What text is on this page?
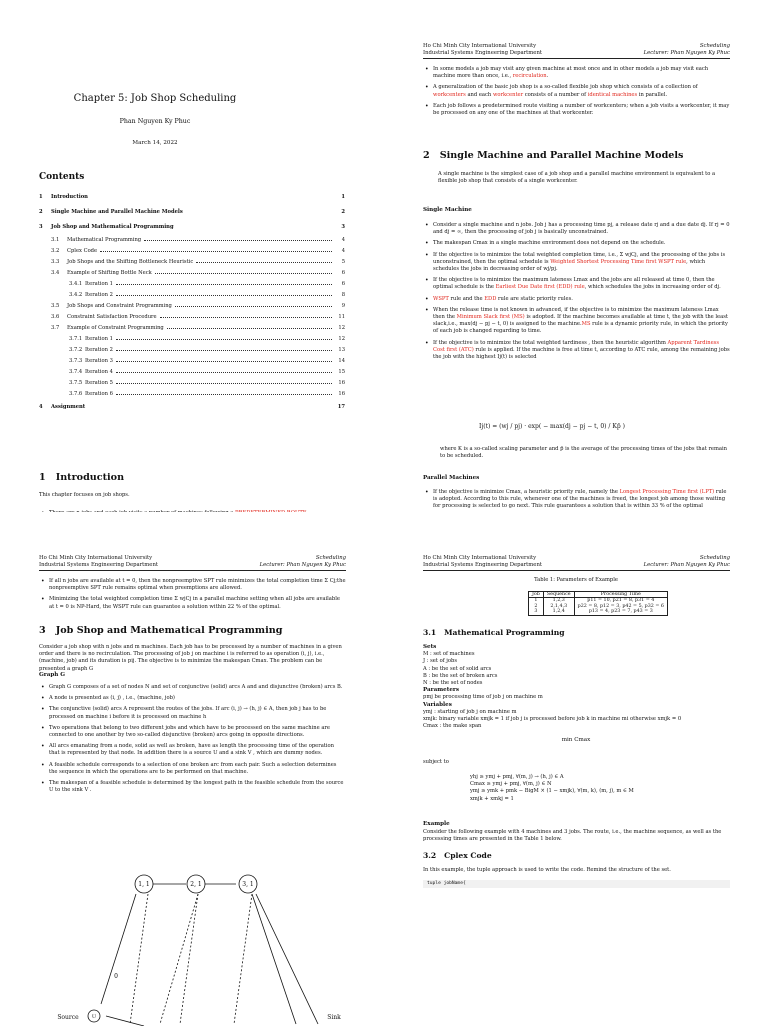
Chapter 5: Job Shop Scheduling
Phan Nguyen Ky Phuc
March 14, 2022
Contents
1	Introduction	1
2	Single Machine and Parallel Machine Models	2
3	Job Shop and Mathematical Programming	3
3.1	Mathematical Programming	4
3.2	Cplex Code	4
3.3	Job Shops and the Shifting Bottleneck Heuristic	5
3.4	Example of Shifting Bottle Neck	6
3.4.1 Iteration 1	6
3.4.2 Iteration 2	8
3.5	Job Shops and Constraint Programming	9
3.6	Constraint Satisfaction Procedure	11
3.7	Example of Constraint Programming	12
3.7.1 Iteration 1	12
3.7.2 Iteration 2	13
3.7.3 Iteration 3	14
3.7.4 Iteration 4	15
3.7.5 Iteration 5	16
3.7.6 Iteration 6	16
4	Assignment	17
1 Introduction
This chapter focuses on job shops.
•
Ho Chi Minh City International University	Scheduling
Industrial Systems Engineering Department	Lecturer: Phan Nguyen Ky Phuc
• In some models a job may visit any given machine at most once and in other models a job may visit each machine more than once, i.e., recirculation.
• A generalization of the basic job shop is a so-called flexible job shop which consists of a collection of workcenters and each workcenter consists of a number of identical machines in parallel.
• Each job follows a predetermined route visiting a number of workcenters; when a job visits a workcenter, it may be processed on any one of the machines at that workcenter.
2 Single Machine and Parallel Machine Models
A single machine is the simplest case of a job shop and a parallel machine environment is equivalent to a flexible job shop that consists of a single workcenter.
Single Machine
• Consider a single machine and n jobs. Job j has a processing time pj, a release date rj and a due date dj. If rj = 0 and dj = ∞, then the processing of job j is basically unconstrained.
• The makespan Cmax in a single machine environment does not depend on the schedule.
• If the objective is to minimize the total weighted completion time, i.e., Σ wjCj, and the processing of the jobs is unconstrained, then the optimal schedule is Weighted Shortest Processing Time first WSPT rule, which schedules the jobs in decreasing order of wj/pj.
• If the objective is to minimize the maximum lateness Lmax and the jobs are all released at time 0, then the optimal schedule is the Earliest Due Date first (EDD) rule, which schedules the jobs in increasing order of dj.
• WSPT rule and the EDD rule are static priority rules.
• When the release time is not known in advanced, if the objective is to minimize the maximum lateness Lmax then the Minimum Slack first (MS) is adopted. If the machine becomes available at time t, the job with the least slack,i.e., max(dj − pj − t, 0) is assigned to the machine.MS rule is a dynamic priority rule, in which the priority of each job is changed regarding to time.
• If the objective is to minimize the total weighted tardiness , then the heuristic algorithm Apparent Tardiness Cost first (ATC) rule is applied. If the machine is free at time t, according to ATC rule, among the remaining jobs the job with the highest Ij(t) is selected
Ij(t) = (wj / pj) · exp( − max(dj − pj − t, 0) / Kp̄ )
where K is a so-called scaling parameter and p̄ is the average of the processing times of the jobs that remain to be scheduled.
Parallel Machines
• If the objective is minimize Cmax, a heuristic priority rule, namely the Longest Processing Time first (LPT) rule is adopted. According to this rule, whenever one of the machines is freed, the longest job among those waiting for processing is selected to go next. This rule guarantees a solution that is within 33 % of the optimal
Ho Chi Minh City International University	Scheduling
Industrial Systems Engineering Department	Lecturer: Phan Nguyen Ky Phuc
• If all n jobs are available at t = 0, then the nonpreemptive SPT rule minimizes the total completion time Σ Cj;the nonpreemptive SPT rule remains optimal when preemptions are allowed.
• Minimizing the total weighted completion time Σ wjCj in a parallel machine setting when all jobs are available at t = 0 is NP-Hard, the WSPT rule can guarantee a solution within 22 % of the optimal.
3 Job Shop and Mathematical Programming
Consider a job shop with n jobs and m machines. Each job has to be processed by a number of machines in a given order and there is no recirculation. The processing of job j on machine i is referred to as operation (i, j), i.e., (machine, job) and its duration is pij. The objective is to minimize the makespan Cmax. The problem can be presented a graph G
Graph G
• Graph G composes of a set of nodes N and set of conjunctive (solid) arcs A and and disjunctive (broken) arcs B.
• A node is presented as (i, j) , i.e., (machine, job)
• The conjunctive (solid) arcs A represent the routes of the jobs. If arc (i, j) → (h, j) ∈ A, then job j has to be processed on machine i before it is processed on machine h
• Two operations that belong to two different jobs and which have to be processed on the same machine are connected to one another by two so-called disjunctive (broken) arcs going in opposite directions.
• All arcs emanating from a node, solid as well as broken, have as length the processing time of the operation that is represented by that node. In addition there is a source U and a sink V , which are dummy nodes.
• A feasible schedule corresponds to a selection of one broken arc from each pair. Such a selection determines the sequence in which the operations are to be performed on that machine.
• The makespan of a feasible schedule is determined by the longest path in the feasible schedule from the source U to the sink V .
1, 1	2, 1	3, 1
0
Source	U	Sink
Ho Chi Minh City International University	Scheduling
Industrial Systems Engineering Department	Lecturer: Phan Nguyen Ky Phuc
Table 1: Parameters of Example
Job	Sequence	Processing Time
1	1,2,3	p11 = 10, p21 = 8, p31 = 4
2	2,1,4,3	p22 = 8, p12 = 3, p42 = 5, p32 = 6
3	1,2,4	p13 = 4, p23 = 7, p43 = 3
3.1 Mathematical Programming
Sets
M : set of machines
J : set of jobs
A : be the set of solid arcs
B : be the set of broken arcs
N : be the set of nodes
Parameters
pmj be processing time of job j on machine m
Variables
ymj : starting of job j on machine m
xmjk: binary variable xmjk = 1 if job j is processed before job k in machine mi otherwise xmjk = 0
Cmax : the make span
min Cmax
subject to
yhj ≥ ymj + pmj, ∀(m, j) → (h, j) ∈ A
Cmax ≥ ymj + pmj, ∀(m, j) ∈ N
ymj ≥ ymk + pmk − BigM × (1 − xmjk), ∀(m, k), (m, j), m ∈ M
xmjk + xmkj = 1
Example
Consider the following example with 4 machines and 3 jobs. The route, i.e., the machine sequence, as well as the processing times are presented in the Table 1 below.
3.2 Cplex Code
In this example, the tuple approach is used to write the code. Remind the structure of the set.
tuple jobName{
